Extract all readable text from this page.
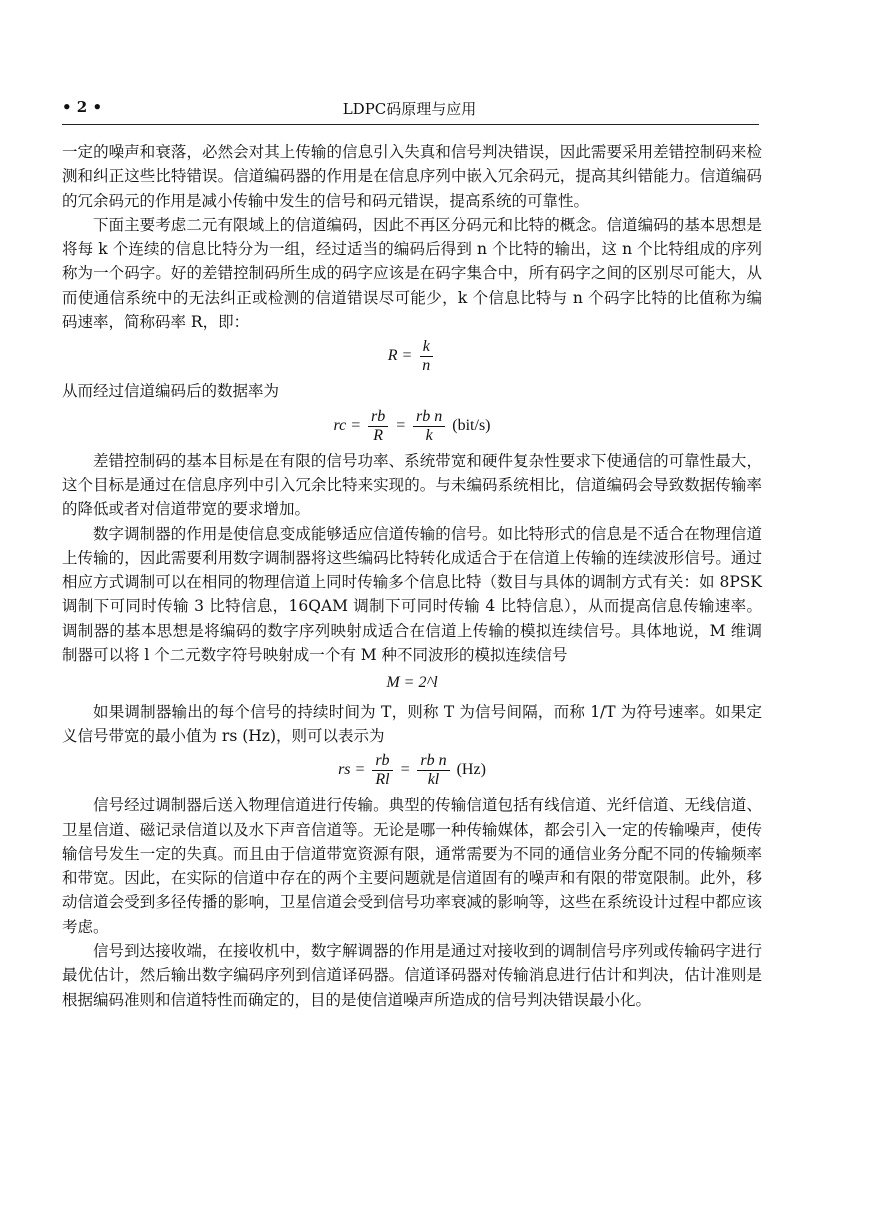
• 2 •	LDPC码原理与应用

一定的噪声和衰落，必然会对其上传输的信息引入失真和信号判决错误，因此需要采用差错控制码来检测和纠正这些比特错误。信道编码器的作用是在信息序列中嵌入冗余码元，提高其纠错能力。信道编码的冗余码元的作用是减小传输中发生的信号和码元错误，提高系统的可靠性。

下面主要考虑二元有限域上的信道编码，因此不再区分码元和比特的概念。信道编码的基本思想是将每 k 个连续的信息比特分为一组，经过适当的编码后得到 n 个比特的输出，这 n 个比特组成的序列称为一个码字。好的差错控制码所生成的码字应该是在码字集合中，所有码字之间的区别尽可能大，从而使通信系统中的无法纠正或检测的信道错误尽可能少，k 个信息比特与 n 个码字比特的比值称为编码速率，简称码率 R，即：

$R = \frac{k}{n}$

从而经过信道编码后的数据率为

rc = $\frac{rb}{R} = \frac{\text{rb n}}{k} (bit/s)$

差错控制码的基本目标是在有限的信号功率、系统带宽和硬件复杂性要求下使通信的可靠性最大，这个目标是通过在信息序列中引入冗余比特来实现的。与未编码系统相比，信道编码会导致数据传输率的降低或者对信道带宽的要求增加。

数字调制器的作用是使信息变成能够适应信道传输的信号。如比特形式的信息是不适合在物理信道上传输的，因此需要利用数字调制器将这些编码比特转化成适合于在信道上传输的连续波形信号。通过相应方式调制可以在相同的物理信道上同时传输多个信息比特（数目与具体的调制方式有关：如 8PSK 调制下可同时传输 3 比特信息，16QAM 调制下可同时传输 4 比特信息），从而提高信息传输速率。调制器的基本思想是将编码的数字序列映射成适合在信道上传输的模拟连续信号。具体地说，M 维调制器可以将 l 个二元数字符号映射成一个有 M 种不同波形的模拟连续信号

M = 2^l

如果调制器输出的每个信号的持续时间为 T，则称 T 为信号间隔，而称 1/T 为符号速率。如果定义信号带宽的最小值为 rs (Hz)，则可以表示为

rs = $\frac{rb}{Rl} = \frac{\text{rb n}}{kl} (Hz)$

信号经过调制器后送入物理信道进行传输。典型的传输信道包括有线信道、光纤信道、无线信道、卫星信道、磁记录信道以及水下声音信道等。无论是哪一种传输媒体，都会引入一定的传输噪声，使传输信号发生一定的失真。而且由于信道带宽资源有限，通常需要为不同的通信业务分配不同的传输频率和带宽。因此，在实际的信道中存在的两个主要问题就是信道固有的噪声和有限的带宽限制。此外，移动信道会受到多径传播的影响，卫星信道会受到信号功率衰减的影响等，这些在系统设计过程中都应该考虑。

信号到达接收端，在接收机中，数字解调器的作用是通过对接收到的调制信号序列或传输码字进行最优估计，然后输出数字编码序列到信道译码器。信道译码器对传输消息进行估计和判决，估计准则是根据编码准则和信道特性而确定的，目的是使信道噪声所造成的信号判决错误最小化。
